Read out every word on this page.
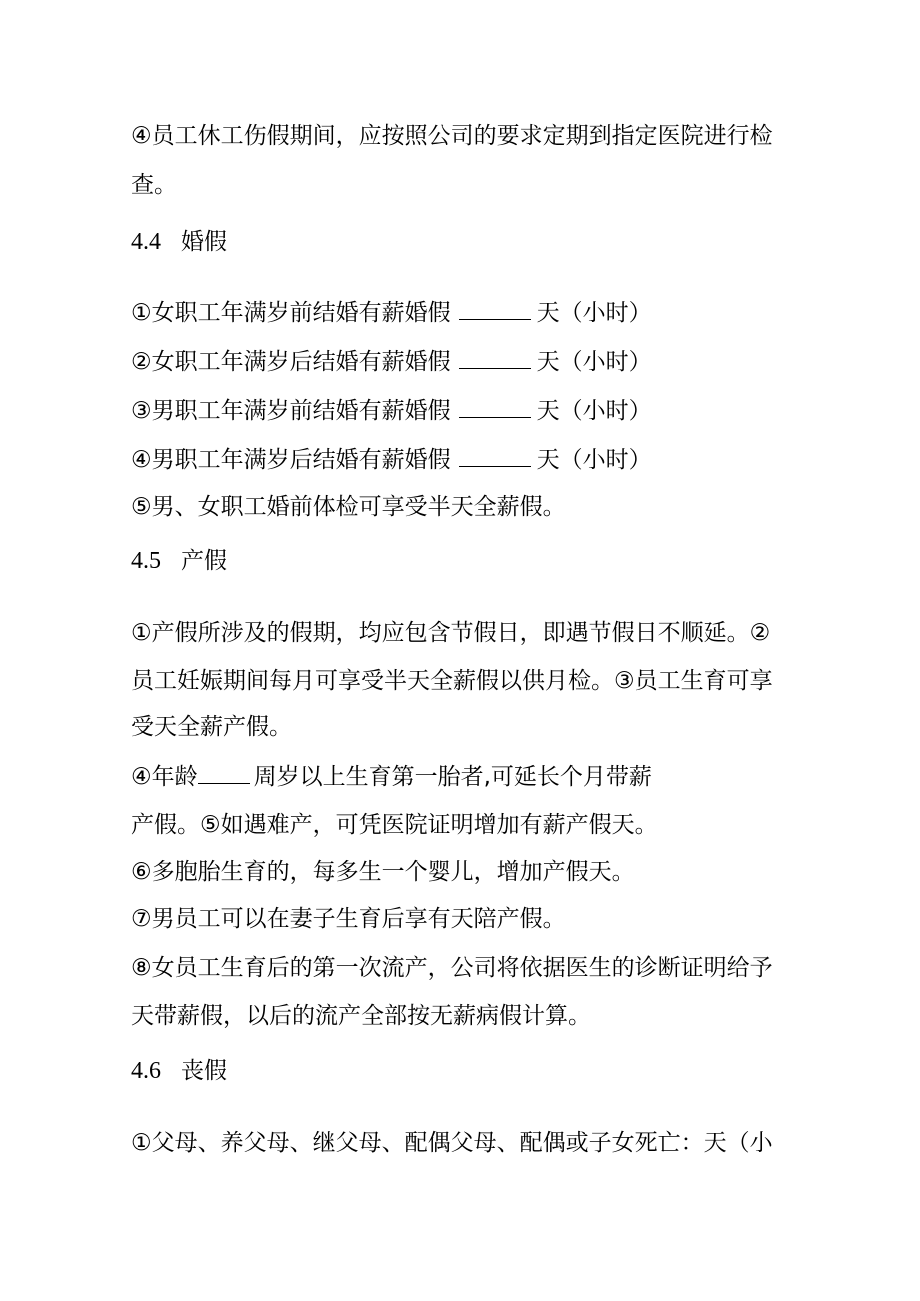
④员工休工伤假期间，应按照公司的要求定期到指定医院进行检
查。
4.4 婚假
①女职工年满岁前结婚有薪婚假	天（小时）
②女职工年满岁后结婚有薪婚假	天（小时）
③男职工年满岁前结婚有薪婚假	天（小时）
④男职工年满岁后结婚有薪婚假	天（小时）
⑤男、女职工婚前体检可享受半天全薪假。
4.5 产假
①产假所涉及的假期，均应包含节假日，即遇节假日不顺延。②
员工妊娠期间每月可享受半天全薪假以供月检。③员工生育可享
受天全薪产假。
④年龄 周岁以上生育第一胎者,可延长个月带薪
产假。⑤如遇难产，可凭医院证明增加有薪产假天。
⑥多胞胎生育的，每多生一个婴儿，增加产假天。
⑦男员工可以在妻子生育后享有天陪产假。
⑧女员工生育后的第一次流产，公司将依据医生的诊断证明给予
天带薪假，以后的流产全部按无薪病假计算。
4.6 丧假
①父母、养父母、继父母、配偶父母、配偶或子女死亡：天（小
